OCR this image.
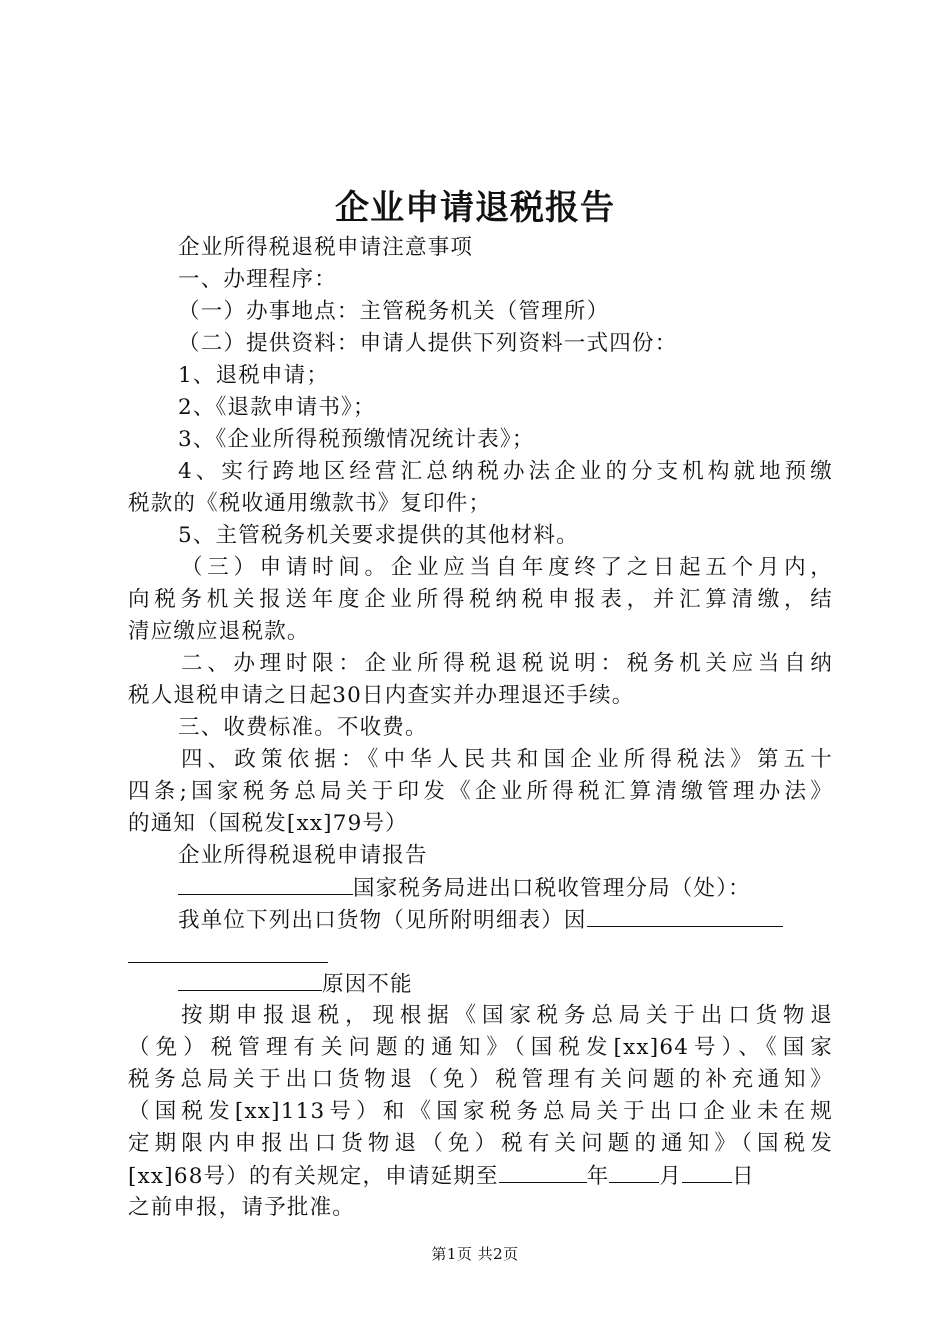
企业申请退税报告
企业所得税退税申请注意事项
一、办理程序：
（一）办事地点：主管税务机关（管理所）
（二）提供资料：申请人提供下列资料一式四份：
1、退税申请；
2、《退款申请书》；
3、《企业所得税预缴情况统计表》；
4、实行跨地区经营汇总纳税办法企业的分支机构就地预缴
税款的《税收通用缴款书》复印件；
5、主管税务机关要求提供的其他材料。
（三）申请时间。企业应当自年度终了之日起五个月内，
向税务机关报送年度企业所得税纳税申报表，并汇算清缴，结
清应缴应退税款。
二、办理时限：企业所得税退税说明：税务机关应当自纳
税人退税申请之日起30日内查实并办理退还手续。
三、收费标准。不收费。
四、政策依据：《中华人民共和国企业所得税法》第五十
四条;国家税务总局关于印发《企业所得税汇算清缴管理办法》
的通知（国税发[xx]79号）
企业所得税退税申请报告
国家税务局进出口税收管理分局（处）：
我单位下列出口货物（见所附明细表）因
原因不能
按期申报退税，现根据《国家税务总局关于出口货物退
（免）税管理有关问题的通知》（国税发[xx]64号）、《国家
税务总局关于出口货物退（免）税管理有关问题的补充通知》
（国税发[xx]113号）和《国家税务总局关于出口企业未在规
定期限内申报出口货物退（免）税有关问题的通知》（国税发
[xx]68号）的有关规定，申请延期至	年 月 日
之前申报，请予批准。
第1页 共2页
